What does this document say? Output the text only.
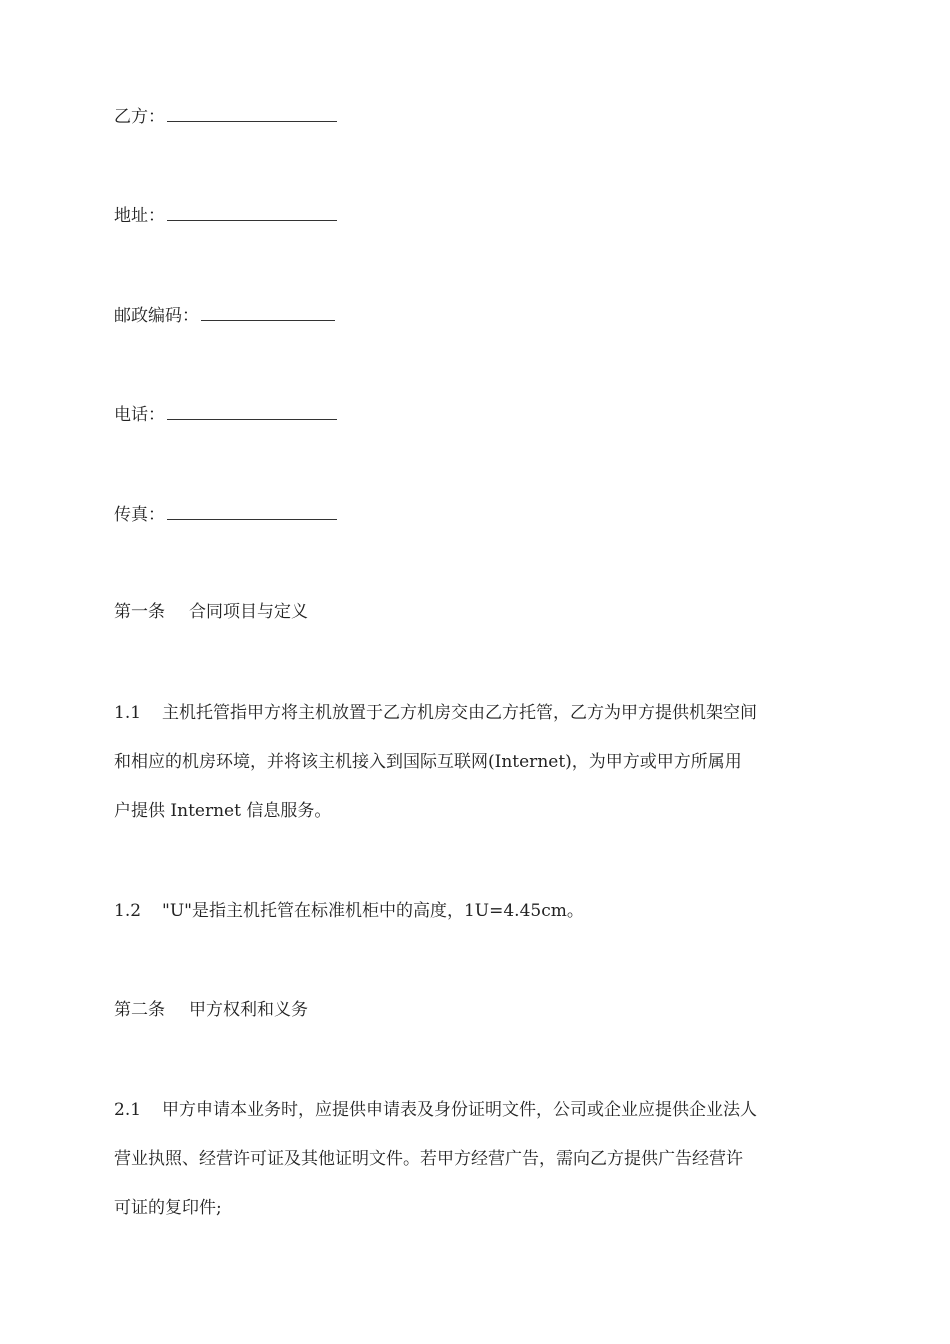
乙方：
地址：
邮政编码：
电话：
传真：
第一条 合同项目与定义
1.1 主机托管指甲方将主机放置于乙方机房交由乙方托管，乙方为甲方提供机架空间
和相应的机房环境，并将该主机接入到国际互联网(Internet)，为甲方或甲方所属用
户提供 Internet 信息服务。
1.2 "U"是指主机托管在标准机柜中的高度，1U=4.45cm。
第二条 甲方权利和义务
2.1 甲方申请本业务时，应提供申请表及身份证明文件，公司或企业应提供企业法人
营业执照、经营许可证及其他证明文件。若甲方经营广告，需向乙方提供广告经营许
可证的复印件;
